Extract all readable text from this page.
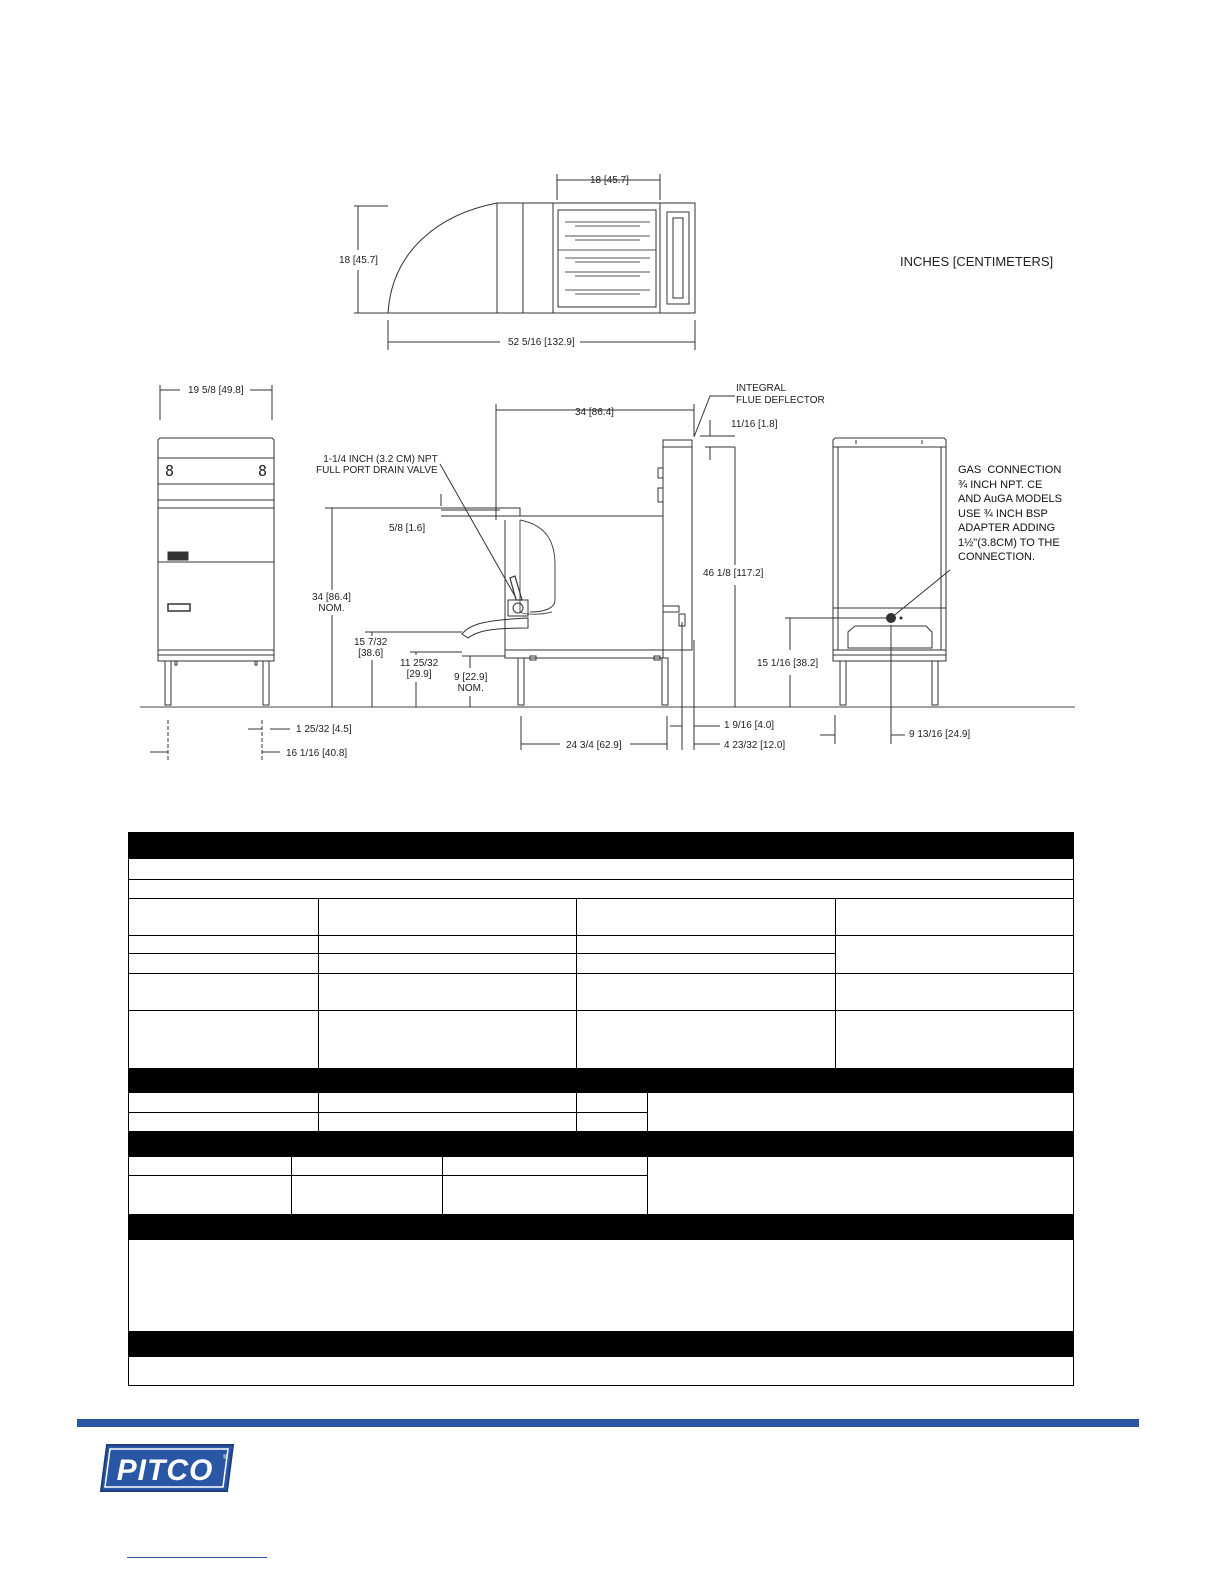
INCHES [CENTIMETERS]
18 [45.7]
18 [45.7]
52 5/16 [132.9]
19 5/8 [49.8]
8	8
1 25/32 [4.5]
16 1/16 [40.8]
INTEGRAL
FLUE DEFLECTOR
34 [86.4]
11/16 [1.8]
1-1/4 INCH (3.2 CM) NPT
FULL PORT DRAIN VALVE
5/8 [1.6]
34 [86.4]
NOM.
46 1/8 [117.2]
15 7/32
[38.6]
11 25/32
[29.9]	9 [22.9]
NOM.
24 3/4 [62.9]
1 9/16 [4.0]
4 23/32 [12.0]
GAS  CONNECTION
¾ INCH NPT. CE
AND AuGA MODELS
USE ¾ INCH BSP
ADAPTER ADDING
1½"(3.8CM) TO THE
CONNECTION.
15 1/16 [38.2]
9 13/16 [24.9]
PITCO ®
